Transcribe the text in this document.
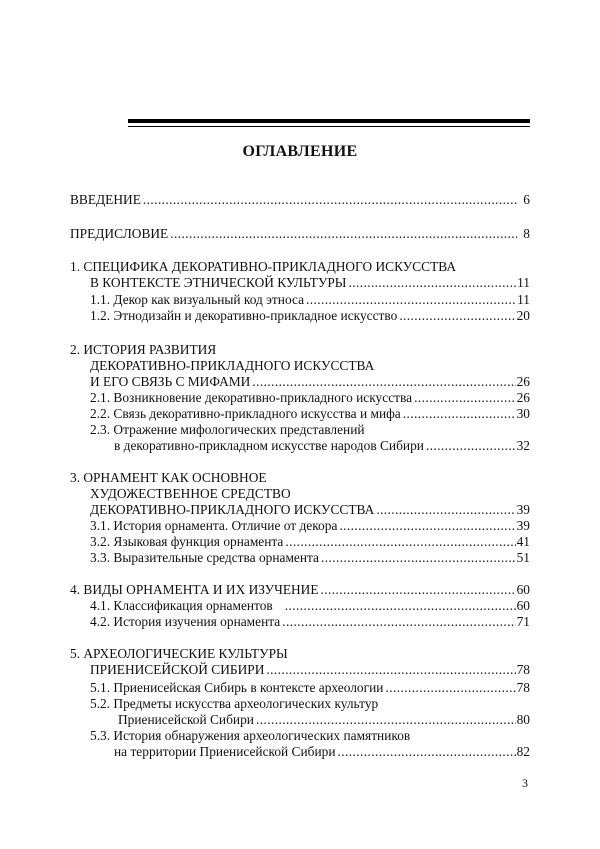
ОГЛАВЛЕНИЕ
ВВЕДЕНИЕ .....	6
ПРЕДИСЛОВИЕ .....	8
1. СПЕЦИФИКА ДЕКОРАТИВНО-ПРИКЛАДНОГО ИСКУССТВА
В КОНТЕКСТЕ ЭТНИЧЕСКОЙ КУЛЬТУРЫ .....	11
1.1. Декор как визуальный код этноса .....	11
1.2. Этнодизайн и декоративно-прикладное искусство .....	20
2. ИСТОРИЯ РАЗВИТИЯ
ДЕКОРАТИВНО-ПРИКЛАДНОГО ИСКУССТВА
И ЕГО СВЯЗЬ С МИФАМИ .....	26
2.1. Возникновение декоративно-прикладного искусства .....	26
2.2. Связь декоративно-прикладного искусства и мифа .....	30
2.3. Отражение мифологических представлений
в декоративно-прикладном искусстве народов Сибири .....	32
3. ОРНАМЕНТ КАК ОСНОВНОЕ
ХУДОЖЕСТВЕННОЕ СРЕДСТВО
ДЕКОРАТИВНО-ПРИКЛАДНОГО ИСКУССТВА .....	39
3.1. История орнамента. Отличие от декора .....	39
3.2. Языковая функция орнамента .....	41
3.3. Выразительные средства орнамента .....	51
4. ВИДЫ ОРНАМЕНТА И ИХ ИЗУЧЕНИЕ .....	60
4.1. Классификация орнаментов .....	60
4.2. История изучения орнамента .....	71
5. АРХЕОЛОГИЧЕСКИЕ КУЛЬТУРЫ
ПРИЕНИСЕЙСКОЙ СИБИРИ .....	78
5.1. Приенисейская Сибирь в контексте археологии .....	78
5.2. Предметы искусства археологических культур
Приенисейской Сибири .....	80
5.3. История обнаружения археологических памятников
на территории Приенисейской Сибири .....	82
3
